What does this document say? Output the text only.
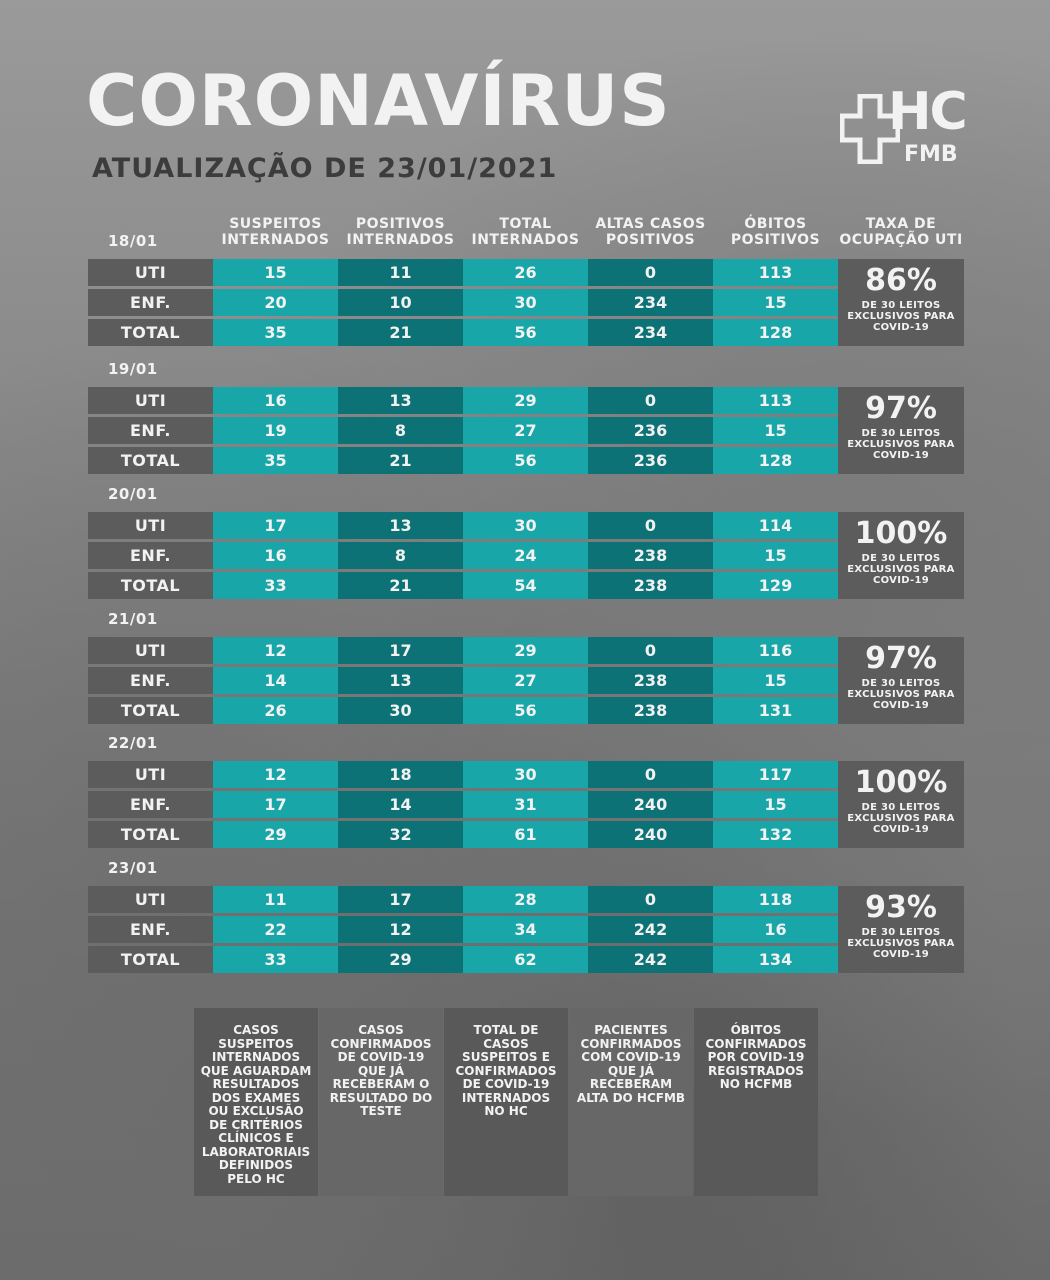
CORONAVÍRUS
ATUALIZAÇÃO DE 23/01/2021
HC
FMB
SUSPEITOS INTERNADOS
POSITIVOS INTERNADOS
TOTAL INTERNADOS
ALTAS CASOS POSITIVOS
ÓBITOS POSITIVOS
TAXA DE OCUPAÇÃO UTI
18/01
UTI	15	11	26	0	113
ENF.	20	10	30	234	15
TOTAL	35	21	56	234	128
86%
DE 30 LEITOS EXCLUSIVOS PARA COVID-19
19/01
UTI	16	13	29	0	113
ENF.	19	8	27	236	15
TOTAL	35	21	56	236	128
97%
DE 30 LEITOS EXCLUSIVOS PARA COVID-19
20/01
UTI	17	13	30	0	114
ENF.	16	8	24	238	15
TOTAL	33	21	54	238	129
100%
DE 30 LEITOS EXCLUSIVOS PARA COVID-19
21/01
UTI	12	17	29	0	116
ENF.	14	13	27	238	15
TOTAL	26	30	56	238	131
97%
DE 30 LEITOS EXCLUSIVOS PARA COVID-19
22/01
UTI	12	18	30	0	117
ENF.	17	14	31	240	15
TOTAL	29	32	61	240	132
100%
DE 30 LEITOS EXCLUSIVOS PARA COVID-19
23/01
UTI	11	17	28	0	118
ENF.	22	12	34	242	16
TOTAL	33	29	62	242	134
93%
DE 30 LEITOS EXCLUSIVOS PARA COVID-19
CASOS SUSPEITOS INTERNADOS QUE AGUARDAM RESULTADOS DOS EXAMES OU EXCLUSÃO DE CRITÉRIOS CLÍNICOS E LABORATORIAIS DEFINIDOS PELO HC
CASOS CONFIRMADOS DE COVID-19 QUE JÁ RECEBERAM O RESULTADO DO TESTE
TOTAL DE CASOS SUSPEITOS E CONFIRMADOS DE COVID-19 INTERNADOS NO HC
PACIENTES CONFIRMADOS COM COVID-19 QUE JÁ RECEBERAM ALTA DO HCFMB
ÓBITOS CONFIRMADOS POR COVID-19 REGISTRADOS NO HCFMB
